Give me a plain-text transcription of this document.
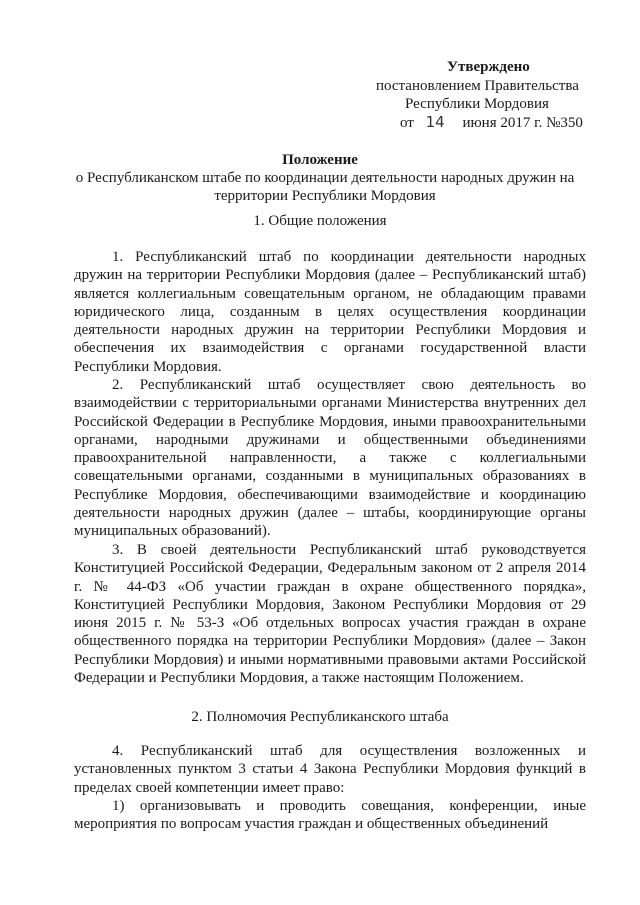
Утверждено
постановлением Правительства
Республики Мордовия
от 14 июня 2017 г. №350
Положение
о Республиканском штабе по координации деятельности народных дружин на территории Республики Мордовия
1. Общие положения
1. Республиканский штаб по координации деятельности народных дружин на территории Республики Мордовия (далее – Республиканский штаб) является коллегиальным совещательным органом, не обладающим правами юридического лица, созданным в целях осуществления координации деятельности народных дружин на территории Республики Мордовия и обеспечения их взаимодействия с органами государственной власти Республики Мордовия.
2. Республиканский штаб осуществляет свою деятельность во взаимодействии с территориальными органами Министерства внутренних дел Российской Федерации в Республике Мордовия, иными правоохранительными органами, народными дружинами и общественными объединениями правоохранительной направленности, а также с коллегиальными совещательными органами, созданными в муниципальных образованиях в Республике Мордовия, обеспечивающими взаимодействие и координацию деятельности народных дружин (далее – штабы, координирующие органы муниципальных образований).
3. В своей деятельности Республиканский штаб руководствуется Конституцией Российской Федерации, Федеральным законом от 2 апреля 2014 г. № 44-ФЗ «Об участии граждан в охране общественного порядка», Конституцией Республики Мордовия, Законом Республики Мордовия от 29 июня 2015 г. № 53-З «Об отдельных вопросах участия граждан в охране общественного порядка на территории Республики Мордовия» (далее – Закон Республики Мордовия) и иными нормативными правовыми актами Российской Федерации и Республики Мордовия, а также настоящим Положением.
2. Полномочия Республиканского штаба
4. Республиканский штаб для осуществления возложенных и установленных пунктом 3 статьи 4 Закона Республики Мордовия функций в пределах своей компетенции имеет право:
1) организовывать и проводить совещания, конференции, иные мероприятия по вопросам участия граждан и общественных объединений
